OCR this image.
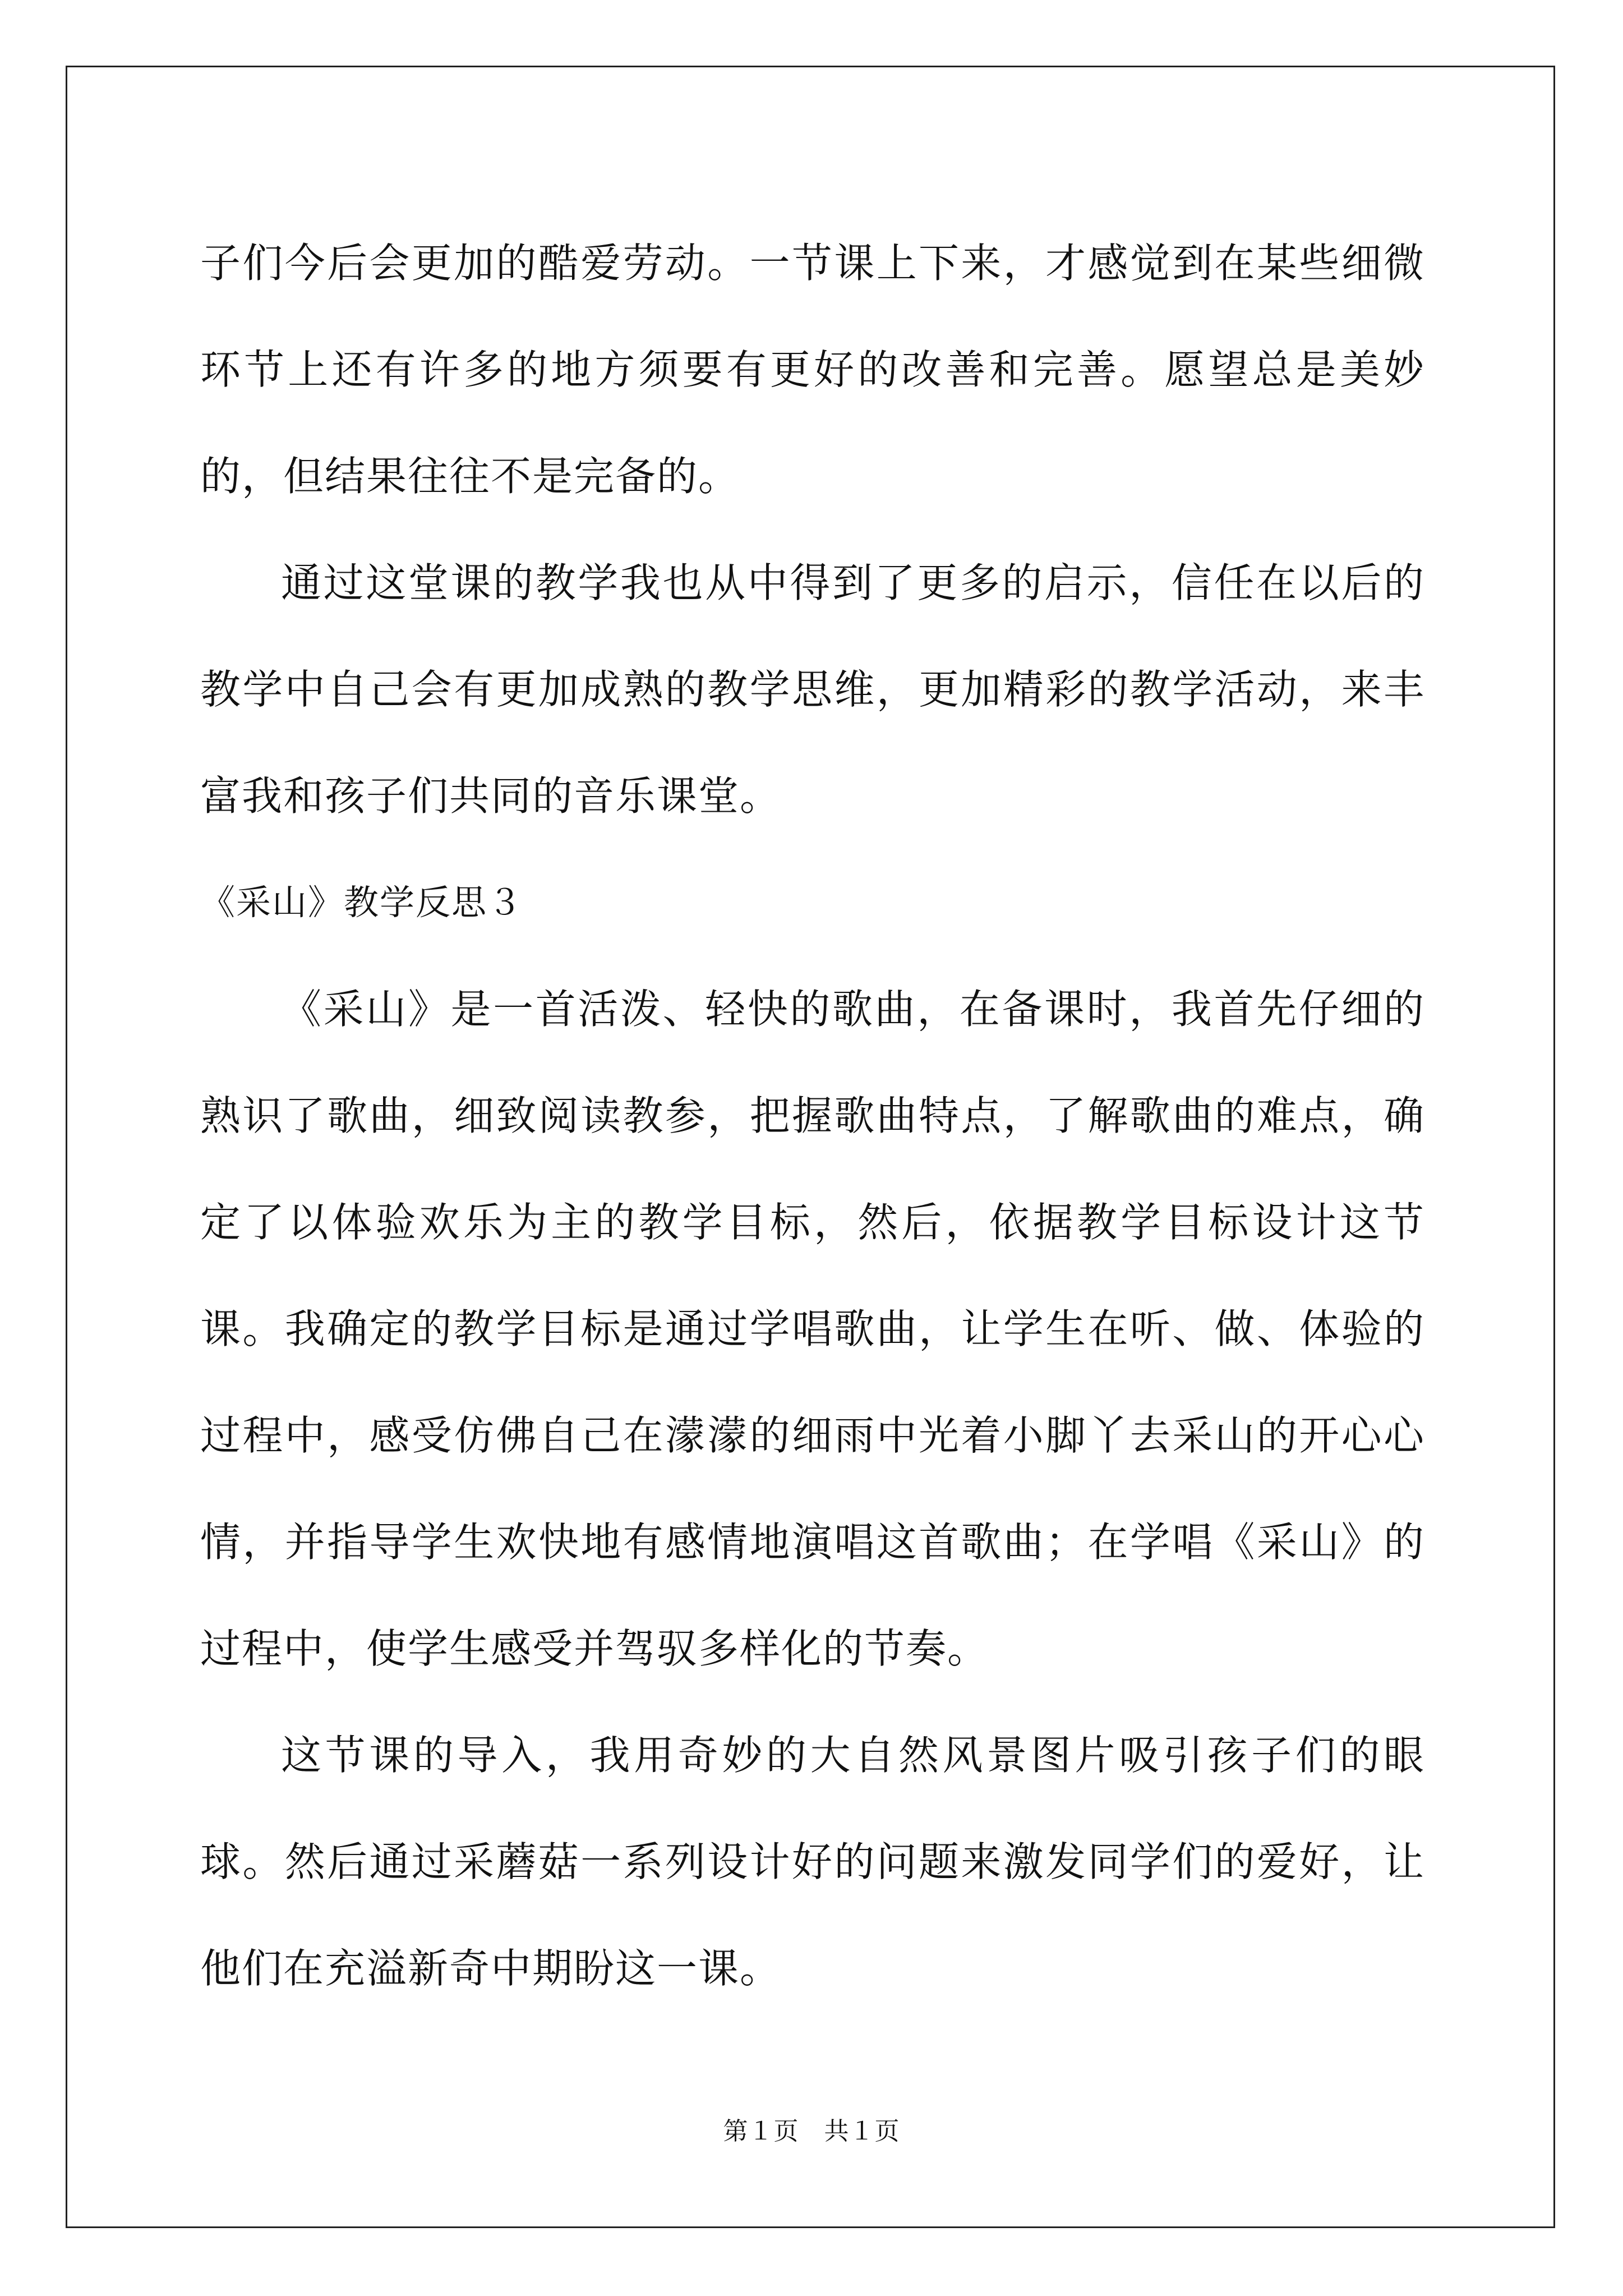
子们今后会更加的酷爱劳动。一节课上下来，才感觉到在某些细微环节上还有许多的地方须要有更好的改善和完善。愿望总是美妙的，但结果往往不是完备的。

通过这堂课的教学我也从中得到了更多的启示，信任在以后的教学中自己会有更加成熟的教学思维，更加精彩的教学活动，来丰富我和孩子们共同的音乐课堂。

《采山》教学反思３

《采山》是一首活泼、轻快的歌曲，在备课时，我首先仔细的熟识了歌曲，细致阅读教参，把握歌曲特点，了解歌曲的难点，确定了以体验欢乐为主的教学目标，然后，依据教学目标设计这节课。我确定的教学目标是通过学唱歌曲，让学生在听、做、体验的过程中，感受仿佛自己在濛濛的细雨中光着小脚丫去采山的开心心情，并指导学生欢快地有感情地演唱这首歌曲；在学唱《采山》的过程中，使学生感受并驾驭多样化的节奏。

这节课的导入，我用奇妙的大自然风景图片吸引孩子们的眼球。然后通过采蘑菇一系列设计好的问题来激发同学们的爱好，让他们在充溢新奇中期盼这一课。

第１页　共１页
